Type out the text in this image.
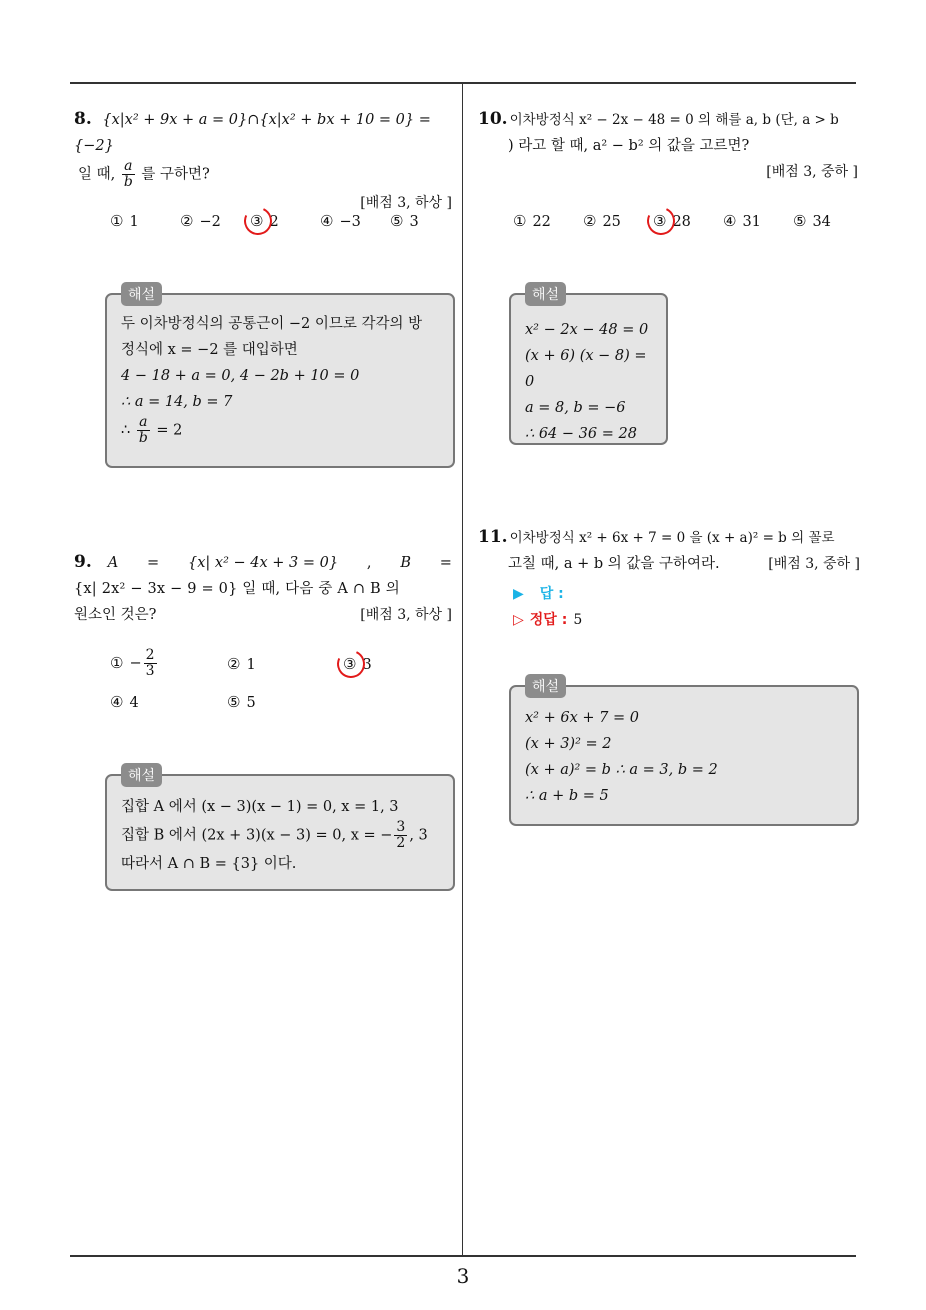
8. {x|x² + 9x + a = 0}∩{x|x² + bx + 10 = 0} = {−2}
일 때, $\frac{a}{b}$ 를 구하면?
[배점 3, 하상 ]
① 1	② −2 ③ 2	④ −3 ⑤ 3
해설
두 이차방정식의 공통근이 −2 이므로 각각의 방
정식에 x = −2 를 대입하면
4 − 18 + a = 0, 4 − 2b + 10 = 0
∴ a = 14, b = 7
∴ $\frac{a}{b} = 2$
9. A = {x| x² − 4x + 3 = 0} , B =
{x| 2x² − 3x − 9 = 0} 일 때, 다음 중 A ∩ B 의
원소인 것은?	[배점 3, 하상 ]
① − $\frac{2}{3}$	② 1	③ 3
④ 4	⑤ 5
해설
집합 A 에서 (x − 3)(x − 1) = 0, x = 1, 3
집합 B 에서 (2x + 3)(x − 3) = 0, x = − $\frac{3}{2}$ , 3
따라서 A ∩ B = {3} 이다.
10. 이차방정식 x² − 2x − 48 = 0 의 해를 a, b (단, a > b
) 라고 할 때, a² − b² 의 값을 고르면?
[배점 3, 중하 ]
① 22 ② 25 ③ 28 ④ 31 ⑤ 34
해설
x² − 2x − 48 = 0
(x + 6) (x − 8) = 0
a = 8, b = −6
∴ 64 − 36 = 28
11. 이차방정식 x² + 6x + 7 = 0 을 (x + a)² = b 의 꼴로
고칠 때, a + b 의 값을 구하여라.	[배점 3, 중하 ]
▶ 답 :
▷ 정답 : 5
해설
x² + 6x + 7 = 0
(x + 3)² = 2
(x + a)² = b ∴ a = 3, b = 2
∴ a + b = 5
3
